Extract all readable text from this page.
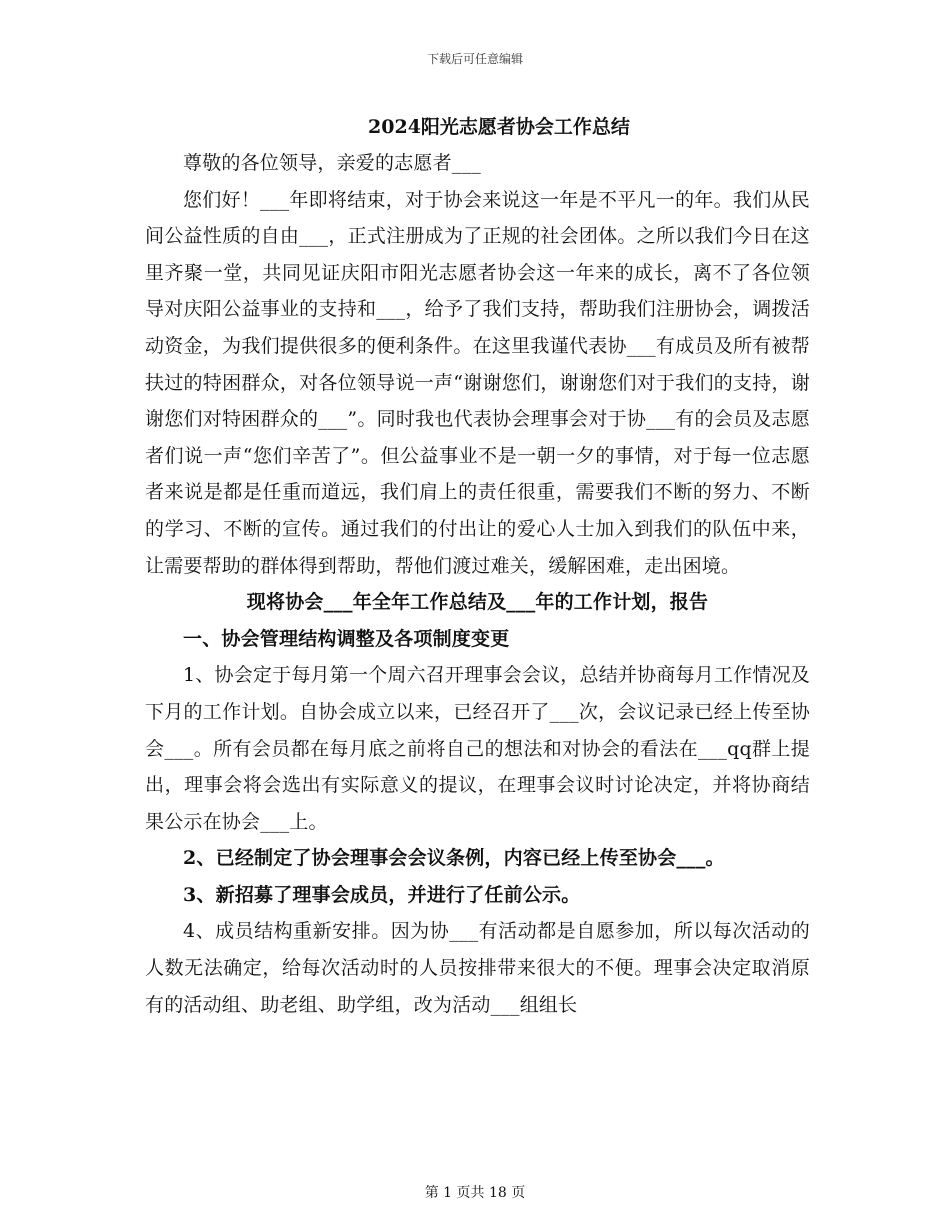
下载后可任意编辑
2024阳光志愿者协会工作总结

尊敬的各位领导，亲爱的志愿者___

您们好！___年即将结束，对于协会来说这一年是不平凡一的年。我们从民间公益性质的自由___，正式注册成为了正规的社会团体。之所以我们今日在这里齐聚一堂，共同见证庆阳市阳光志愿者协会这一年来的成长，离不了各位领导对庆阳公益事业的支持和___，给予了我们支持，帮助我们注册协会，调拨活动资金，为我们提供很多的便利条件。在这里我谨代表协___有成员及所有被帮扶过的特困群众，对各位领导说一声“谢谢您们，谢谢您们对于我们的支持，谢谢您们对特困群众的___”。同时我也代表协会理事会对于协___有的会员及志愿者们说一声“您们辛苦了”。但公益事业不是一朝一夕的事情，对于每一位志愿者来说是都是任重而道远，我们肩上的责任很重，需要我们不断的努力、不断的学习、不断的宣传。通过我们的付出让的爱心人士加入到我们的队伍中来，让需要帮助的群体得到帮助，帮他们渡过难关，缓解困难，走出困境。

现将协会___年全年工作总结及___年的工作计划，报告

一、协会管理结构调整及各项制度变更

1、协会定于每月第一个周六召开理事会会议，总结并协商每月工作情况及下月的工作计划。自协会成立以来，已经召开了___次，会议记录已经上传至协会___。所有会员都在每月底之前将自己的想法和对协会的看法在___qq群上提出，理事会将会选出有实际意义的提议，在理事会议时讨论决定，并将协商结果公示在协会___上。

2、已经制定了协会理事会会议条例，内容已经上传至协会___。

3、新招募了理事会成员，并进行了任前公示。

4、成员结构重新安排。因为协___有活动都是自愿参加，所以每次活动的人数无法确定，给每次活动时的人员按排带来很大的不便。理事会决定取消原有的活动组、助老组、助学组，改为活动___组组长

第 1 页共 18 页
